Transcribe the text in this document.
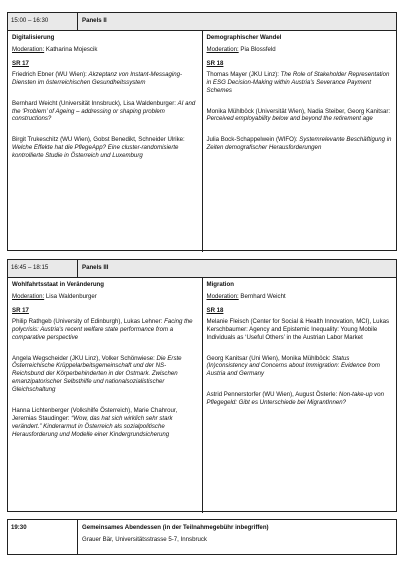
15:00 – 16:30	Panels II
Digitalisierung
Moderation: Katharina Mojescik
SR 17
Friedrich Ebner (WU Wien): Akzeptanz von Instant-Messaging-Diensten im österreichischen Gesundheitssystem
Bernhard Weicht (Universität Innsbruck), Lisa Waldenburger: AI and the ‘Problem’ of Ageing – addressing or shaping problem constructions?
Birgit Trukeschitz (WU Wien), Gobst Benedikt, Schneider Ulrike: Welche Effekte hat die PflegeApp? Eine cluster-randomisierte kontrollierte Studie in Österreich und Luxemburg
Demographischer Wandel
Moderation: Pia Blossfeld
SR 18
Thomas Mayer (JKU Linz): The Role of Stakeholder Representation in ESG Decision-Making within Austria's Severance Payment Schemes
Monika Mühlböck (Universität Wien), Nadia Steiber, Georg Kanitsar: Perceived employability below and beyond the retirement age
Julia Bock-Schappelwein (WIFO): Systemrelevante Beschäftigung in Zeiten demografischer Herausforderungen
16:45 – 18:15	Panels III
Wohlfahrtsstaat in Veränderung
Moderation: Lisa Waldenburger
SR 17
Philip Rathgeb (University of Edinburgh), Lukas Lehner: Facing the polycrisis: Austria's recent welfare state performance from a comparative perspective
Angela Wegscheider (JKU Linz), Volker Schönwiese: Die Erste Österreichische Krüppelarbeitsgemeinschaft und der NS-Reichsbund der Körperbehinderten in der Ostmark. Zwischen emanzipatorischer Selbsthilfe und nationalsozialistischer Gleichschaltung
Hanna Lichtenberger (Volkshilfe Österreich), Marie Chahrour, Jeremias Staudinger: “Wow, das hat sich wirklich sehr stark verändert.” Kinderarmut in Österreich als sozialpolitische Herausforderung und Modelle einer Kindergrundsicherung
Migration
Moderation: Bernhard Weicht
SR 18
Melanie Fleisch (Center for Social & Health Innovation, MCI), Lukas Kerschbaumer: Agency and Epistemic Inequality: Young Mobile Individuals as ‘Useful Others’ in the Austrian Labor Market
Georg Kanitsar (Uni Wien), Monika Mühlböck: Status (In)consistency and Concerns about Immigration: Evidence from Austria and Germany
Astrid Pennerstorfer (WU Wien), August Österle: Non-take-up von Pflegegeld: Gibt es Unterschiede bei MigrantInnen?
19:30	Gemeinsames Abendessen (in der Teilnahmegebühr inbegriffen)
Grauer Bär, Universitätsstrasse 5-7, Innsbruck
